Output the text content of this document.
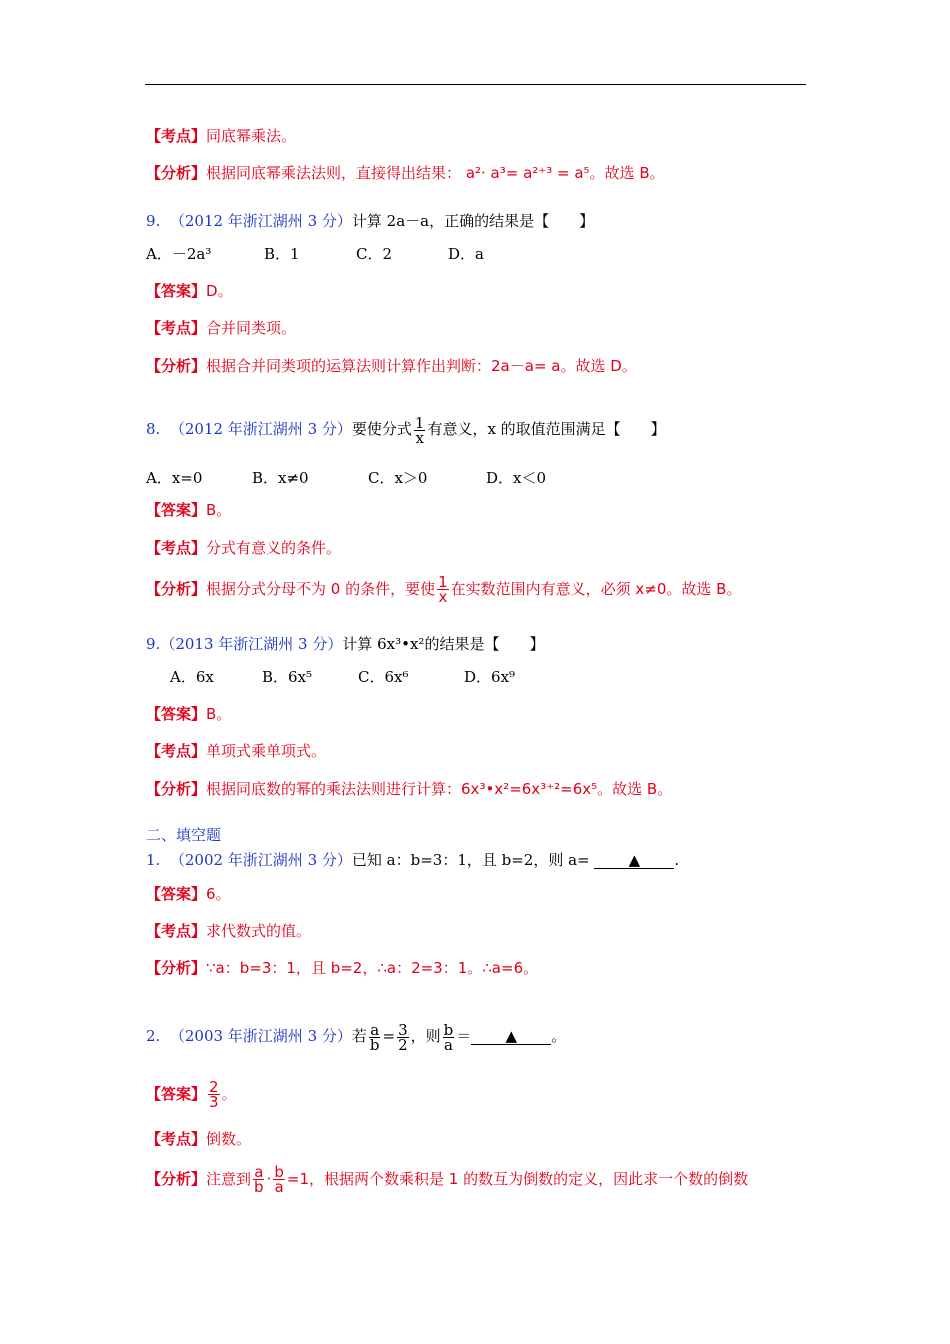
【考点】同底幂乘法。
【分析】根据同底幂乘法法则，直接得出结果： a²· a³= a²⁺³ = a⁵。故选 B。
9. （2012 年浙江湖州 3 分）计算 2a－a，正确的结果是【　　】
A．－2a³	B．1	C．2	D．a
【答案】D。
【考点】合并同类项。
【分析】根据合并同类项的运算法则计算作出判断：2a－a= a。故选 D。
8. （2012 年浙江湖州 3 分）要使分式 $\frac{1}{x}$ 有意义，x 的取值范围满足【　　】
A．x=0	B．x≠0	C．x＞0	D．x＜0
【答案】B。
【考点】分式有意义的条件。
【分析】根据分式分母不为 0 的条件，要使 $\frac{1}{x}$ 在实数范围内有意义，必须 x≠0。故选 B。
9.（2013 年浙江湖州 3 分）计算 6x³•x²的结果是【　　】
A．6x	B．6x⁵	C．6x⁶	D．6x⁹
【答案】B。
【考点】单项式乘单项式。
【分析】根据同底数的幂的乘法法则进行计算：6x³•x²=6x³⁺²=6x⁵。故选 B。
二、填空题
1. （2002 年浙江湖州 3 分）已知 a：b=3：1，且 b=2，则 a=	▲ .
【答案】6。
【考点】求代数式的值。
【分析】∵a：b=3：1，且 b=2，∴a：2=3：1。∴a=6。
2. （2003 年浙江湖州 3 分）若 $\frac{a}{b} = \frac{3}{2}$ ，则 $\frac{b}{a}$ ＝ ▲ 。
【答案】 $\frac{2}{3}$ 。
【考点】倒数。
【分析】注意到 $\frac{a}{b} \cdot \frac{b}{a} =1$，根据两个数乘积是 1 的数互为倒数的定义，因此求一个数的倒数
